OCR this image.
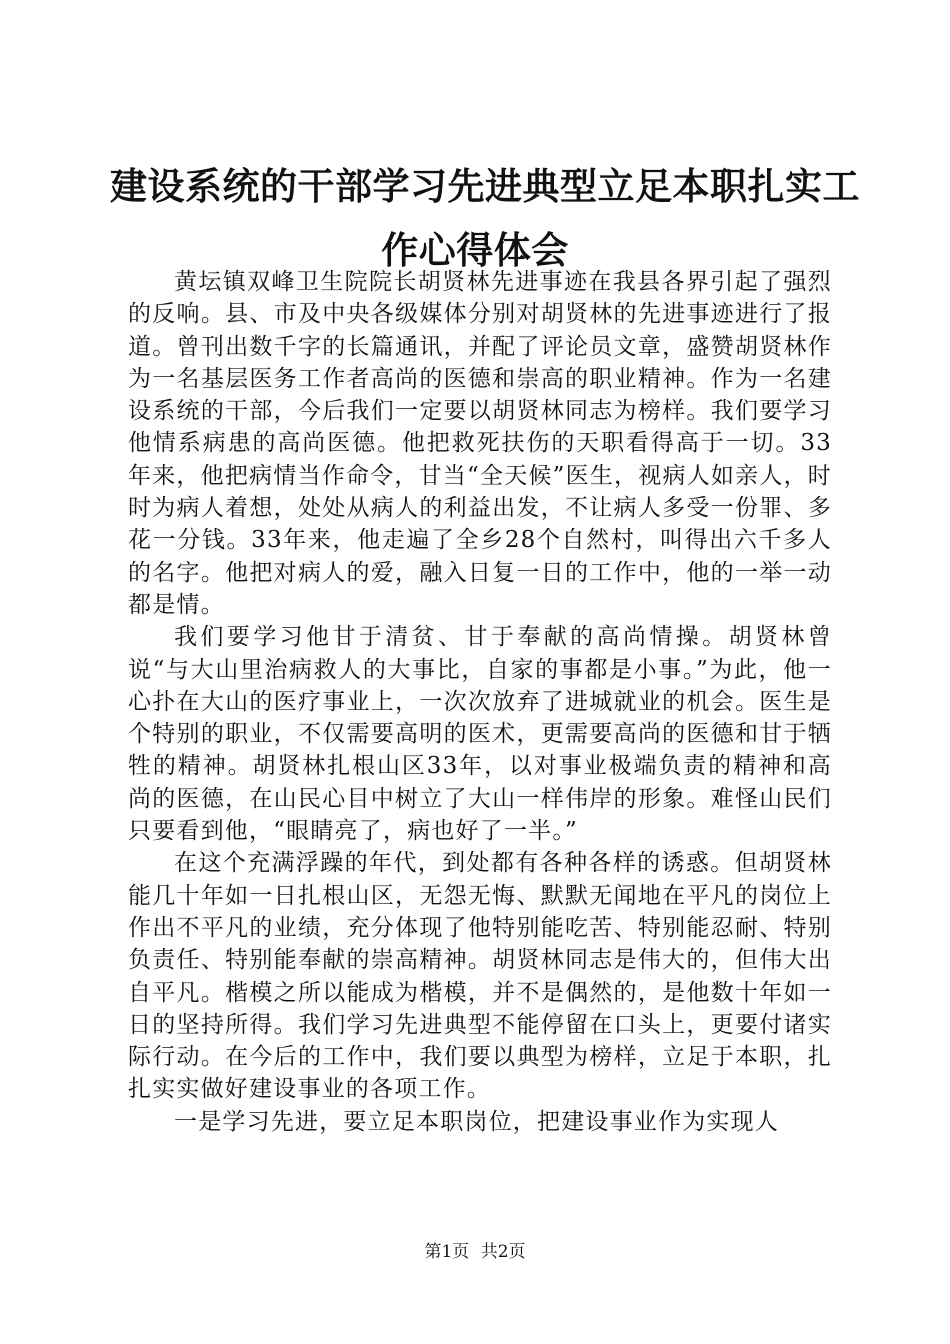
建设系统的干部学习先进典型立足本职扎实工
作心得体会

黄坛镇双峰卫生院院长胡贤林先进事迹在我县各界引起了强烈的反响。县、市及中央各级媒体分别对胡贤林的先进事迹进行了报道。曾刊出数千字的长篇通讯，并配了评论员文章，盛赞胡贤林作为一名基层医务工作者高尚的医德和崇高的职业精神。作为一名建设系统的干部，今后我们一定要以胡贤林同志为榜样。我们要学习他情系病患的高尚医德。他把救死扶伤的天职看得高于一切。33年来，他把病情当作命令，甘当“全天候”医生，视病人如亲人，时时为病人着想，处处从病人的利益出发，不让病人多受一份罪、多花一分钱。33年来，他走遍了全乡28个自然村，叫得出六千多人的名字。他把对病人的爱，融入日复一日的工作中，他的一举一动都是情。

我们要学习他甘于清贫、甘于奉献的高尚情操。胡贤林曾说“与大山里治病救人的大事比，自家的事都是小事。”为此，他一心扑在大山的医疗事业上，一次次放弃了进城就业的机会。医生是个特别的职业，不仅需要高明的医术，更需要高尚的医德和甘于牺牲的精神。胡贤林扎根山区33年，以对事业极端负责的精神和高尚的医德，在山民心目中树立了大山一样伟岸的形象。难怪山民们只要看到他，“眼睛亮了，病也好了一半。”

在这个充满浮躁的年代，到处都有各种各样的诱惑。但胡贤林能几十年如一日扎根山区，无怨无悔、默默无闻地在平凡的岗位上作出不平凡的业绩，充分体现了他特别能吃苦、特别能忍耐、特别负责任、特别能奉献的崇高精神。胡贤林同志是伟大的，但伟大出自平凡。楷模之所以能成为楷模，并不是偶然的，是他数十年如一日的坚持所得。我们学习先进典型不能停留在口头上，更要付诸实际行动。在今后的工作中，我们要以典型为榜样，立足于本职，扎扎实实做好建设事业的各项工作。

一是学习先进，要立足本职岗位，把建设事业作为实现人

第1页 共2页
